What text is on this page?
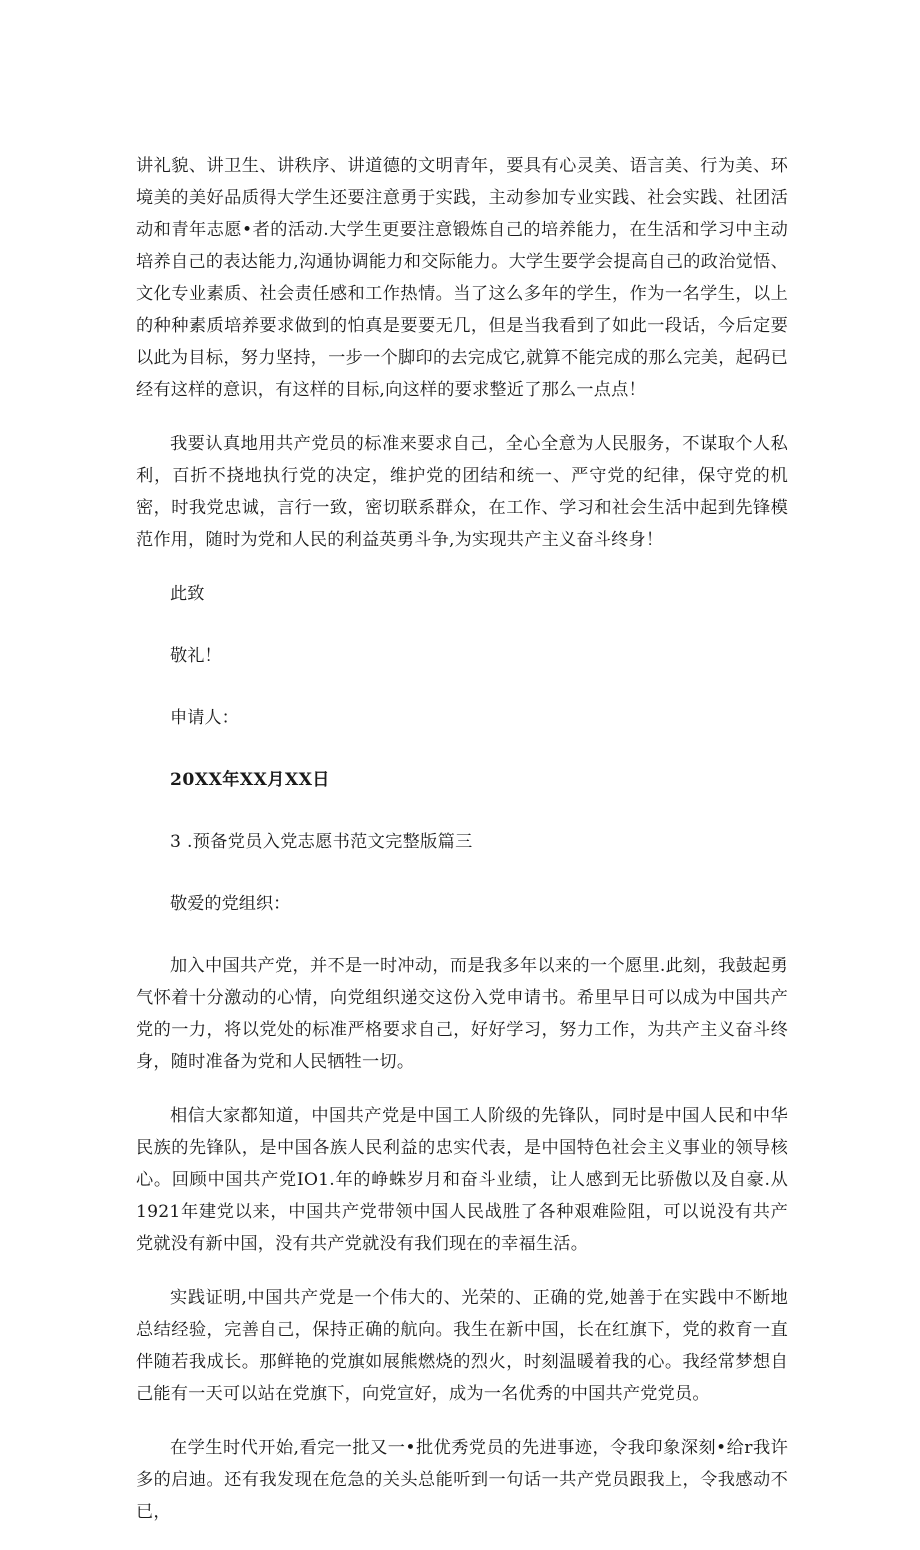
讲礼貌、讲卫生、讲秩序、讲道德的文明青年，要具有心灵美、语言美、行为美、环境美的美好品质得大学生还要注意勇于实践，主动参加专业实践、社会实践、社团活动和青年志愿•者的活动.大学生更要注意锻炼自己的培养能力，在生活和学习中主动培养自己的表达能力,沟通协调能力和交际能力。大学生要学会提高自己的政治觉悟、文化专业素质、社会责任感和工作热情。当了这么多年的学生，作为一名学生，以上的种种素质培养要求做到的怕真是要要无几，但是当我看到了如此一段话，今后定要以此为目标，努力坚持，一步一个脚印的去完成它,就算不能完成的那么完美，起码已经有这样的意识，有这样的目标,向这样的要求整近了那么一点点！

我要认真地用共产党员的标准来要求自己，全心全意为人民服务，不谋取个人私利，百折不挠地执行党的决定，维护党的团结和统一、严守党的纪律，保守党的机密，时我党忠诚，言行一致，密切联系群众，在工作、学习和社会生活中起到先锋模范作用，随时为党和人民的利益英勇斗争,为实现共产主义奋斗终身！

此致
敬礼！
申请人：
20XX年XX月XX日
3 .预备党员入党志愿书范文完整版篇三
敬爱的党组织：

加入中国共产党，并不是一时冲动，而是我多年以来的一个愿里.此刻，我鼓起勇气怀着十分激动的心情，向党组织递交这份入党申请书。希里早日可以成为中国共产党的一力，将以党处的标准严格要求自己，好好学习，努力工作，为共产主义奋斗终身，随时准备为党和人民牺牲一切。

相信大家都知道，中国共产党是中国工人阶级的先锋队，同时是中国人民和中华民族的先锋队，是中国各族人民利益的忠实代表，是中国特色社会主义事业的领导核心。回顾中国共产党IO1.年的峥蛛岁月和奋斗业绩，让人感到无比骄傲以及自豪.从1921年建党以来，中国共产党带领中国人民战胜了各种艰难险阻，可以说没有共产党就没有新中国，没有共产党就没有我们现在的幸福生活。

实践证明,中国共产党是一个伟大的、光荣的、正确的党,她善于在实践中不断地总结经验，完善自己，保持正确的航向。我生在新中国，长在红旗下，党的救育一直伴随若我成长。那鲜艳的党旗如展熊燃烧的烈火，时刻温暖着我的心。我经常梦想自己能有一天可以站在党旗下，向党宣好，成为一名优秀的中国共产党党员。

在学生时代开始,看完一批又一•批优秀党员的先进事迹，令我印象深刻•给r我许多的启迪。还有我发现在危急的关头总能听到一句话一共产党员跟我上，令我感动不已，
